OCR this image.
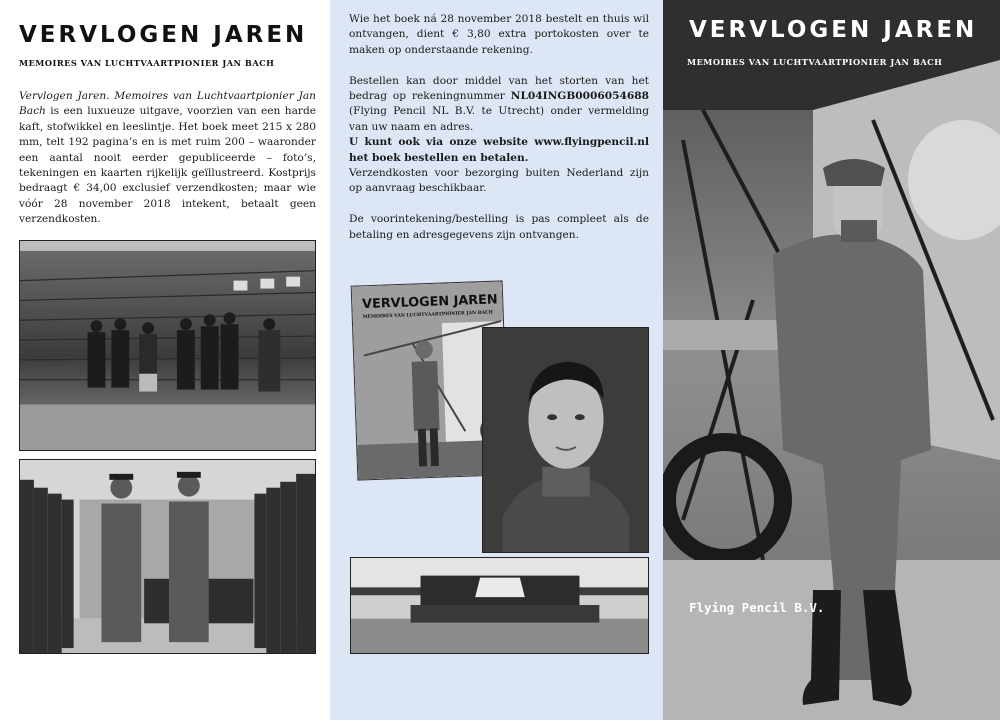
VERVLOGEN JAREN
MEMOIRES VAN LUCHTVAARTPIONIER JAN BACH

Vervlogen Jaren. Memoires van Luchtvaartpionier Jan Bach is een luxueuze uitgave, voorzien van een harde kaft, stofwikkel en leeslintje. Het boek meet 215 x 280 mm, telt 192 pagina’s en is met ruim 200 – waaronder een aantal nooit eerder gepubliceerde – foto’s, tekeningen en kaarten rijkelijk geïllustreerd. Kostprijs bedraagt € 34,00 exclusief verzendkosten; maar wie vóór 28 november 2018 intekent, betaalt geen verzendkosten.

Wie het boek ná 28 november 2018 bestelt en thuis wil ontvangen, dient € 3,80 extra portokosten over te maken op onderstaande rekening.

Bestellen kan door middel van het storten van het bedrag op rekeningnummer NL04INGB0006054688 (Flying Pencil NL B.V. te Utrecht) onder vermelding van uw naam en adres.

U kunt ook via onze website www.flyingpencil.nl het boek bestellen en betalen.

Verzendkosten voor bezorging buiten Nederland zijn op aanvraag beschikbaar.

De voorintekening/bestelling is pas compleet als de betaling en adresgegevens zijn ontvangen.

VERVLOGEN JAREN
MEMOIRES VAN LUCHTVAARTPIONIER JAN BACH
VERVLOGEN JAREN
MEMOIRES VAN LUCHTVAARTPIONIER JAN BACH
Flying Pencil B.V.
